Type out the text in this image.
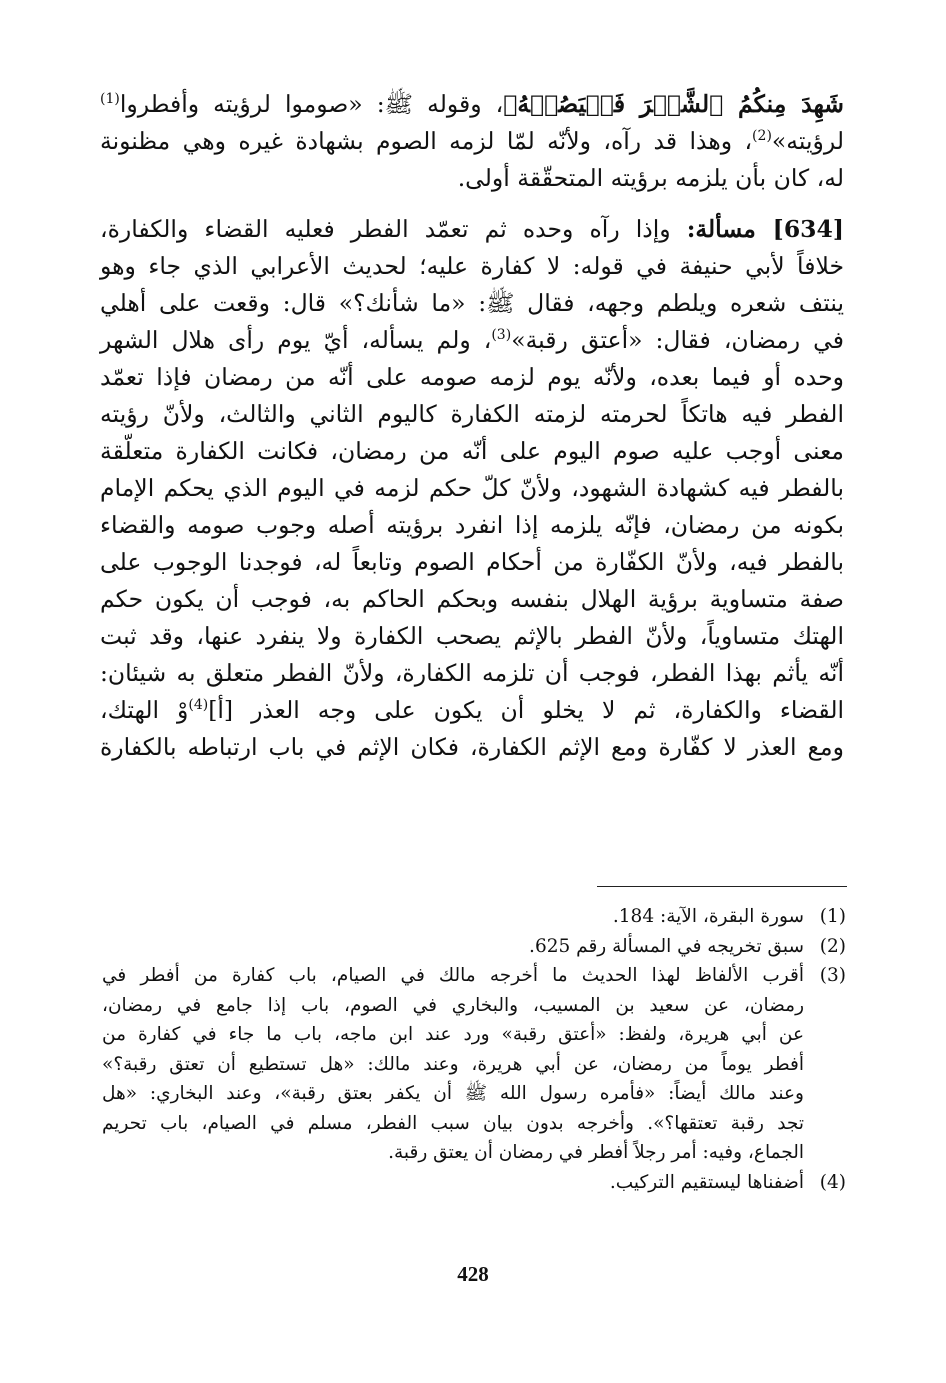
شَهِدَ مِنكُمُ ٱلشَّهۡرَ فَلۡيَصُمۡهُ﴾، وقوله ﷺ: «صوموا لرؤيته وأفطروا$^{(1)}$
لرؤيته»$^{(2)}$، وهذا قد رآه، ولأنّه لمّا لزمه الصوم بشهادة غيره وهي مظنونة
له، كان بأن يلزمه برؤيته المتحقّقة أولى.
[634] مسألة: وإذا رآه وحده ثم تعمّد الفطر فعليه القضاء والكفارة،
خلافاً لأبي حنيفة في قوله: لا كفارة عليه؛ لحديث الأعرابي الذي جاء وهو
ينتف شعره ويلطم وجهه، فقال ﷺ: «ما شأنك؟» قال: وقعت على أهلي
في رمضان، فقال: «أعتق رقبة»$^{(3)}$، ولم يسأله، أيّ يوم رأى هلال الشهر
وحده أو فيما بعده، ولأنّه يوم لزمه صومه على أنّه من رمضان فإذا تعمّد
الفطر فيه هاتكاً لحرمته لزمته الكفارة كاليوم الثاني والثالث، ولأنّ رؤيته
معنى أوجب عليه صوم اليوم على أنّه من رمضان، فكانت الكفارة متعلّقة
بالفطر فيه كشهادة الشهود، ولأنّ كلّ حكم لزمه في اليوم الذي يحكم الإمام
بكونه من رمضان، فإنّه يلزمه إذا انفرد برؤيته أصله وجوب صومه والقضاء
بالفطر فيه، ولأنّ الكفّارة من أحكام الصوم وتابعاً له، فوجدنا الوجوب على
صفة متساوية برؤية الهلال بنفسه وبحكم الحاكم به، فوجب أن يكون حكم
الهتك متساوياً، ولأنّ الفطر بالإثم يصحب الكفارة ولا ينفرد عنها، وقد ثبت
أنّه يأثم بهذا الفطر، فوجب أن تلزمه الكفارة، ولأنّ الفطر متعلق به شيئان:
القضاء والكفارة، ثم لا يخلو أن يكون على وجه العذر [أ]$^{(4)}$وْ الهتك،
ومع العذر لا كفّارة ومع الإثم الكفارة، فكان الإثم في باب ارتباطه بالكفارة
(1)
سورة البقرة، الآية: 184.
(2)
سبق تخريجه في المسألة رقم 625.
(3)
أقرب الألفاظ لهذا الحديث ما أخرجه مالك في الصيام، باب كفارة من أفطر في
رمضان، عن سعيد بن المسيب، والبخاري في الصوم، باب إذا جامع في رمضان،
عن أبي هريرة، ولفظ: «أعتق رقبة» ورد عند ابن ماجه، باب ما جاء في كفارة من
أفطر يوماً من رمضان، عن أبي هريرة، وعند مالك: «هل تستطيع أن تعتق رقبة؟»
وعند مالك أيضاً: «فأمره رسول الله ﷺ أن يكفر بعتق رقبة»، وعند البخاري: «هل
تجد رقبة تعتقها؟». وأخرجه بدون بيان سبب الفطر، مسلم في الصيام، باب تحريم
الجماع، وفيه: أمر رجلاً أفطر في رمضان أن يعتق رقبة.
(4)
أضفناها ليستقيم التركيب.
428
